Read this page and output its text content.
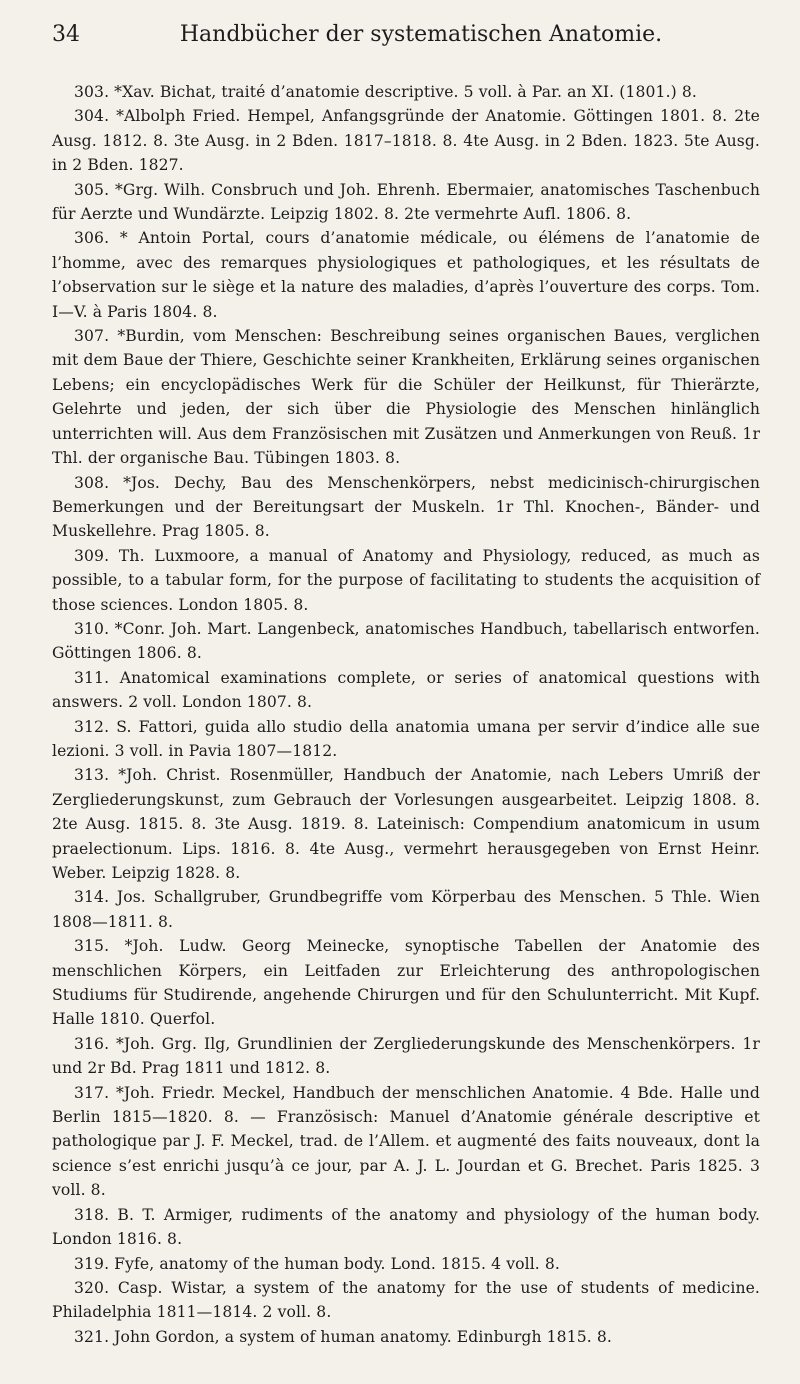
34	Handbücher der systematischen Anatomie.

303. *Xav. Bichat, traité d’anatomie descriptive. 5 voll. à Par. an XI. (1801.) 8.

304. *Albolph Fried. Hempel, Anfangsgründe der Anatomie. Göttingen 1801. 8. 2te Ausg. 1812. 8. 3te Ausg. in 2 Bden. 1817–1818. 8. 4te Ausg. in 2 Bden. 1823. 5te Ausg. in 2 Bden. 1827.

305. *Grg. Wilh. Consbruch und Joh. Ehrenh. Ebermaier, anatomisches Taschenbuch für Aerzte und Wundärzte. Leipzig 1802. 8. 2te vermehrte Aufl. 1806. 8.

306. * Antoin Portal, cours d’anatomie médicale, ou élémens de l’anatomie de l’homme, avec des remarques physiologiques et pathologiques, et les résultats de l’observation sur le siège et la nature des maladies, d’après l’ouverture des corps. Tom. I—V. à Paris 1804. 8.

307. *Burdin, vom Menschen: Beschreibung seines organischen Baues, verglichen mit dem Baue der Thiere, Geschichte seiner Krankheiten, Erklärung seines organischen Lebens; ein encyclopädisches Werk für die Schüler der Heilkunst, für Thierärzte, Gelehrte und jeden, der sich über die Physiologie des Menschen hinlänglich unterrichten will. Aus dem Französischen mit Zusätzen und Anmerkungen von Reuß. 1r Thl. der organische Bau. Tübingen 1803. 8.

308. *Jos. Dechy, Bau des Menschenkörpers, nebst medicinisch-chirurgischen Bemerkungen und der Bereitungsart der Muskeln. 1r Thl. Knochen-, Bänder- und Muskellehre. Prag 1805. 8.

309. Th. Luxmoore, a manual of Anatomy and Physiology, reduced, as much as possible, to a tabular form, for the purpose of facilitating to students the acquisition of those sciences. London 1805. 8.

310. *Conr. Joh. Mart. Langenbeck, anatomisches Handbuch, tabellarisch entworfen. Göttingen 1806. 8.

311. Anatomical examinations complete, or series of anatomical questions with answers. 2 voll. London 1807. 8.

312. S. Fattori, guida allo studio della anatomia umana per servir d’indice alle sue lezioni. 3 voll. in Pavia 1807—1812.

313. *Joh. Christ. Rosenmüller, Handbuch der Anatomie, nach Lebers Umriß der Zergliederungskunst, zum Gebrauch der Vorlesungen ausgearbeitet. Leipzig 1808. 8. 2te Ausg. 1815. 8. 3te Ausg. 1819. 8. Lateinisch: Compendium anatomicum in usum praelectionum. Lips. 1816. 8. 4te Ausg., vermehrt herausgegeben von Ernst Heinr. Weber. Leipzig 1828. 8.

314. Jos. Schallgruber, Grundbegriffe vom Körperbau des Menschen. 5 Thle. Wien 1808—1811. 8.

315. *Joh. Ludw. Georg Meinecke, synoptische Tabellen der Anatomie des menschlichen Körpers, ein Leitfaden zur Erleichterung des anthropologischen Studiums für Studirende, angehende Chirurgen und für den Schulunterricht. Mit Kupf. Halle 1810. Querfol.

316. *Joh. Grg. Ilg, Grundlinien der Zergliederungskunde des Menschenkörpers. 1r und 2r Bd. Prag 1811 und 1812. 8.

317. *Joh. Friedr. Meckel, Handbuch der menschlichen Anatomie. 4 Bde. Halle und Berlin 1815—1820. 8. — Französisch: Manuel d’Anatomie générale descriptive et pathologique par J. F. Meckel, trad. de l’Allem. et augmenté des faits nouveaux, dont la science s’est enrichi jusqu’à ce jour, par A. J. L. Jourdan et G. Brechet. Paris 1825. 3 voll. 8.

318. B. T. Armiger, rudiments of the anatomy and physiology of the human body. London 1816. 8.

319. Fyfe, anatomy of the human body. Lond. 1815. 4 voll. 8.

320. Casp. Wistar, a system of the anatomy for the use of students of medicine. Philadelphia 1811—1814. 2 voll. 8.

321. John Gordon, a system of human anatomy. Edinburgh 1815. 8.
